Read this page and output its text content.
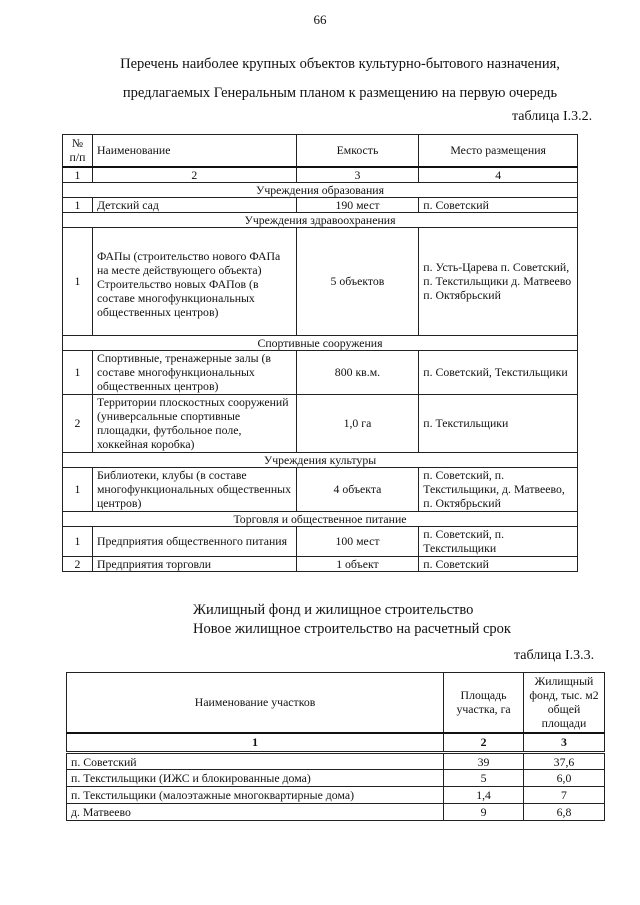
66
Перечень наиболее крупных объектов культурно-бытового назначения,
предлагаемых Генеральным планом к размещению на первую очередь
таблица I.3.2.
№ п/п	Наименование	Емкость	Место размещения
1	2	3	4
Учреждения образования			
1	Детский сад	190 мест	п. Советский
Учреждения здравоохранения			
1	ФАПы (строительство нового ФАПа на месте действующего объекта) Строительство новых ФАПов (в составе многофункциональных общественных центров)	5 объектов	п. Усть-Царева п. Советский, п. Текстильщики д. Матвеево п. Октябрьский
Спортивные сооружения			
1	Спортивные, тренажерные залы (в составе многофункциональных общественных центров)	800 кв.м.	п. Советский, Текстильщики
2	Территории плоскостных сооружений (универсальные спортивные площадки, футбольное поле, хоккейная коробка)	1,0 га	п. Текстильщики
Учреждения культуры			
1	Библиотеки, клубы (в составе многофункциональных общественных центров)	4 объекта	п. Советский, п. Текстильщики, д. Матвеево, п. Октябрьский
Торговля и общественное питание			
1	Предприятия общественного питания	100 мест	п. Советский, п. Текстильщики
2	Предприятия торговли	1 объект	п. Советский
Жилищный фонд и жилищное строительство
Новое жилищное строительство на расчетный срок
таблица I.3.3.
Наименование участков	Площадь участка, га	Жилищный фонд, тыс. м2 общей площади
1	2	3
п. Советский	39	37,6
п. Текстильщики (ИЖС и блокированные дома)	5	6,0
п. Текстильщики (малоэтажные многоквартирные дома)	1,4	7
д. Матвеево	9	6,8
